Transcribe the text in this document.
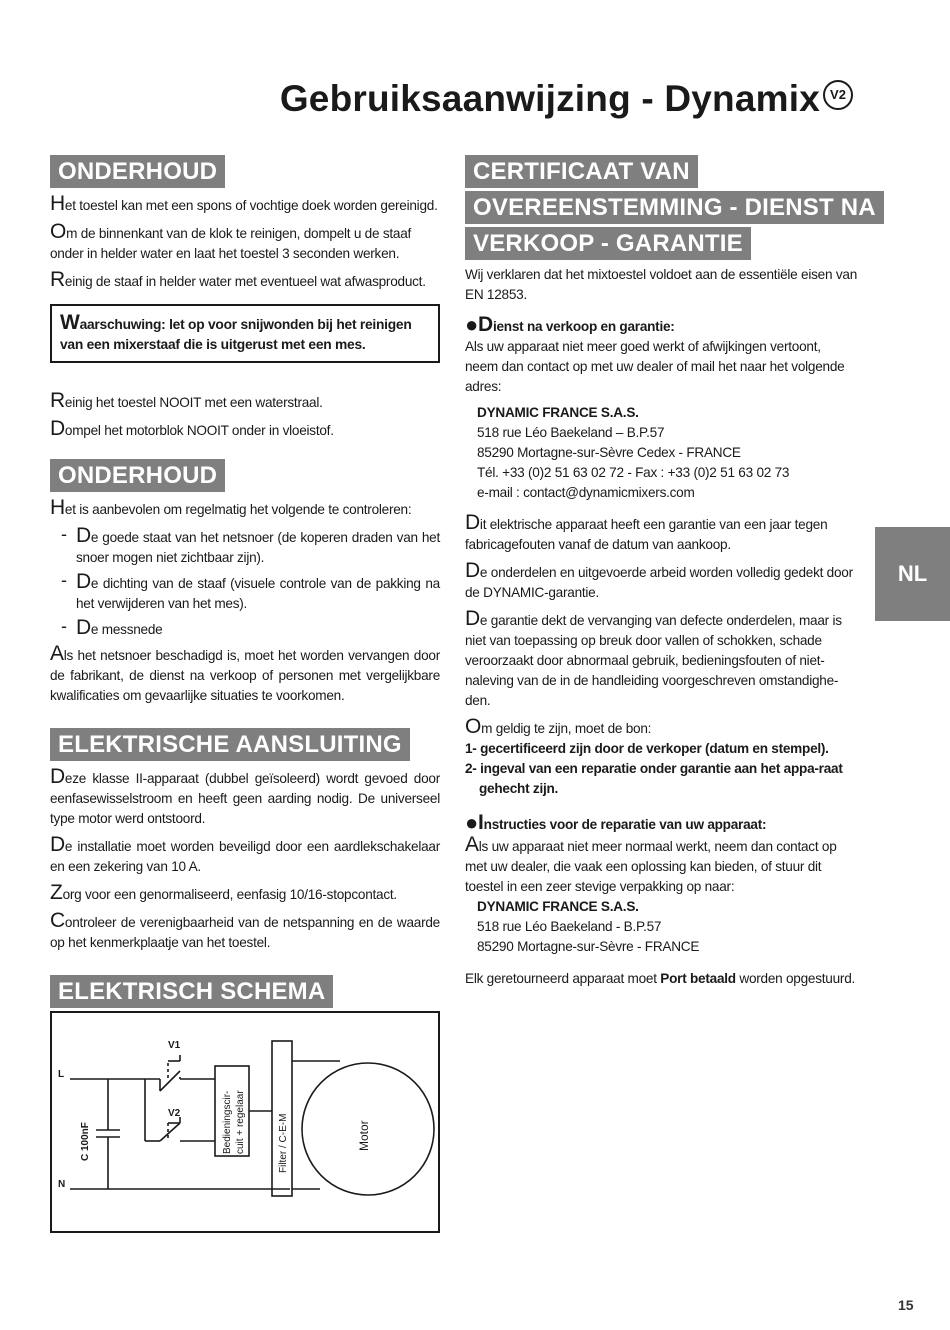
Gebruiksaanwijzing - Dynamix V2
ONDERHOUD

Het toestel kan met een spons of vochtige doek worden gereinigd.

Om de binnenkant van de klok te reinigen, dompelt u de staaf onder in helder water en laat het toestel 3 seconden werken.

Reinig de staaf in helder water met eventueel wat afwasproduct.

Waarschuwing: let op voor snijwonden bij het reinigen van een mixerstaaf die is uitgerust met een mes.

Reinig het toestel NOOIT met een waterstraal.

Dompel het motorblok NOOIT onder in vloeistof.

ONDERHOUD

Het is aanbevolen om regelmatig het volgende te controleren:

- De goede staat van het netsnoer (de koperen draden van het snoer mogen niet zichtbaar zijn).
- De dichting van de staaf (visuele controle van de pakking na het verwijderen van het mes).
- De messnede

Als het netsnoer beschadigd is, moet het worden vervangen door de fabrikant, de dienst na verkoop of personen met vergelijkbare kwalificaties om gevaarlijke situaties te voorkomen.

ELEKTRISCHE AANSLUITING

Deze klasse II-apparaat (dubbel geïsoleerd) wordt gevoed door eenfasewisselstroom en heeft geen aarding nodig. De universeel type motor werd ontstoord.

De installatie moet worden beveiligd door een aardlekschakelaar en een zekering van 10 A.

Zorg voor een genormaliseerd, eenfasig 10/16-stopcontact.

Controleer de verenigbaarheid van de netspanning en de waarde op het kenmerkplaatje van het toestel.

ELEKTRISCH SCHEMA
L
N
V1
V2
C 100nF	Bedieningscir- cuit + regelaar	Filter / C-E-M	Motor
CERTIFICAAT VAN
OVEREENSTEMMING - DIENST NA
VERKOOP - GARANTIE

Wij verklaren dat het mixtoestel voldoet aan de essentiële eisen van EN 12853.

●Dienst na verkoop en garantie:

Als uw apparaat niet meer goed werkt of afwijkingen vertoont, neem dan contact op met uw dealer of mail het naar het volgende adres:

DYNAMIC FRANCE S.A.S.
518 rue Léo Baekeland – B.P.57
85290 Mortagne-sur-Sèvre Cedex - FRANCE
Tél. +33 (0)2 51 63 02 72 - Fax : +33 (0)2 51 63 02 73
e-mail : contact@dynamicmixers.com

Dit elektrische apparaat heeft een garantie van een jaar tegen fabricagefouten vanaf de datum van aankoop.

De onderdelen en uitgevoerde arbeid worden volledig gedekt door de DYNAMIC-garantie.

De garantie dekt de vervanging van defecte onderdelen, maar is niet van toepassing op breuk door vallen of schokken, schade veroorzaakt door abnormaal gebruik, bedieningsfouten of niet-naleving van de in de handleiding voorgeschreven omstandighe-den.

Om geldig te zijn, moet de bon:

1- gecertificeerd zijn door de verkoper (datum en stempel).
2- ingeval van een reparatie onder garantie aan het appa-raat gehecht zijn.
●Instructies voor de reparatie van uw apparaat:

Als uw apparaat niet meer normaal werkt, neem dan contact op met uw dealer, die vaak een oplossing kan bieden, of stuur dit toestel in een zeer stevige verpakking op naar:

DYNAMIC FRANCE S.A.S.
518 rue Léo Baekeland - B.P.57
85290 Mortagne-sur-Sèvre - FRANCE

Elk geretourneerd apparaat moet Port betaald worden opgestuurd.

NL
15
